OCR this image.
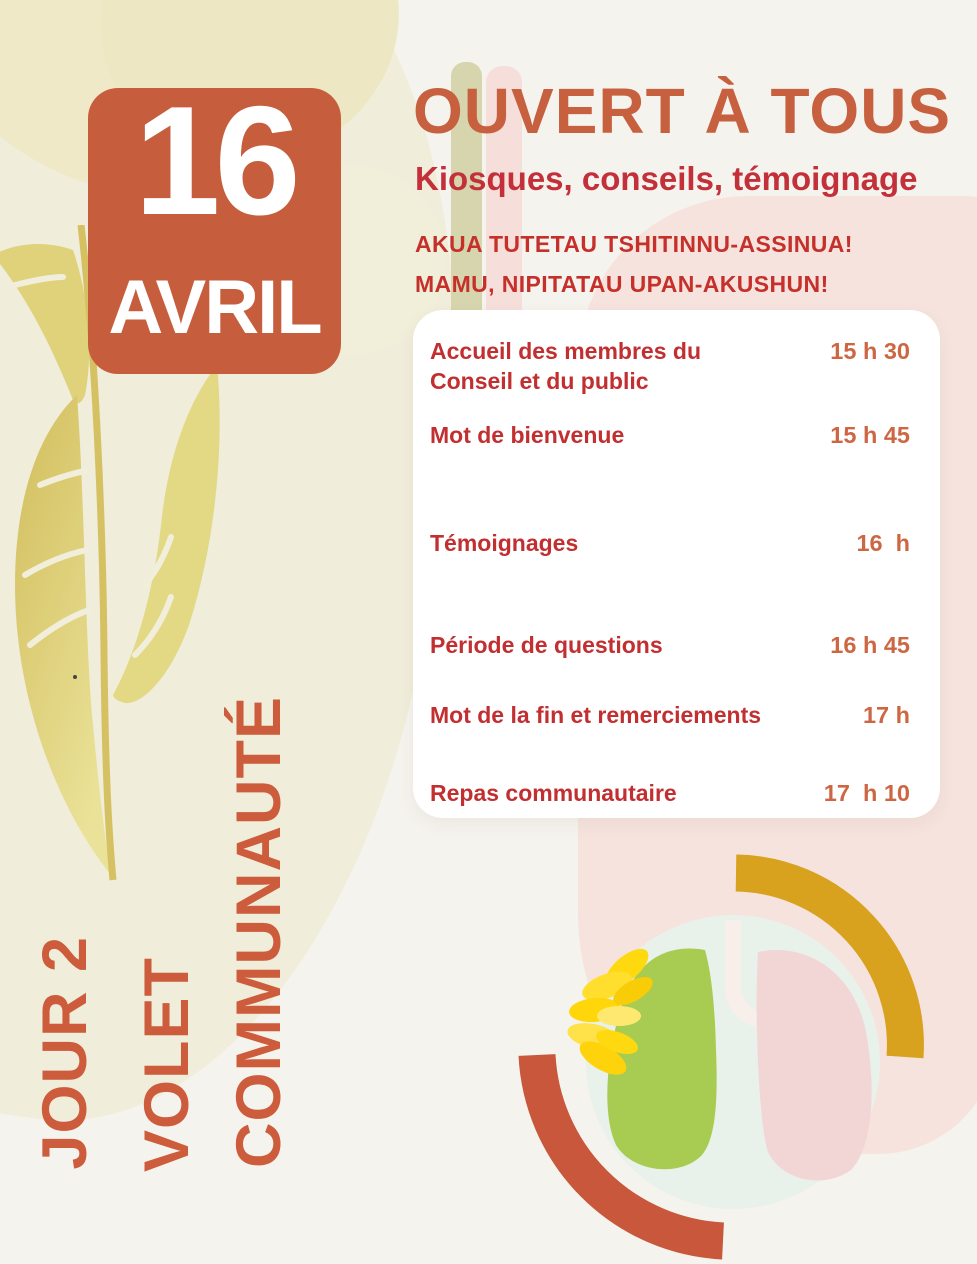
16
AVRIL
OUVERT À TOUS
Kiosques, conseils, témoignage
AKUA TUTETAU TSHITINNU-ASSINUA!
MAMU, NIPITATAU UPAN-AKUSHUN!
Accueil des membres du Conseil et du public
15 h 30
Mot de bienvenue	15 h 45
Témoignages	16  h
Période de questions	16 h 45
Mot de la fin et remerciements	17 h
Repas communautaire	17  h 10
JOUR 2 VOLET COMMUNAUTÉ
